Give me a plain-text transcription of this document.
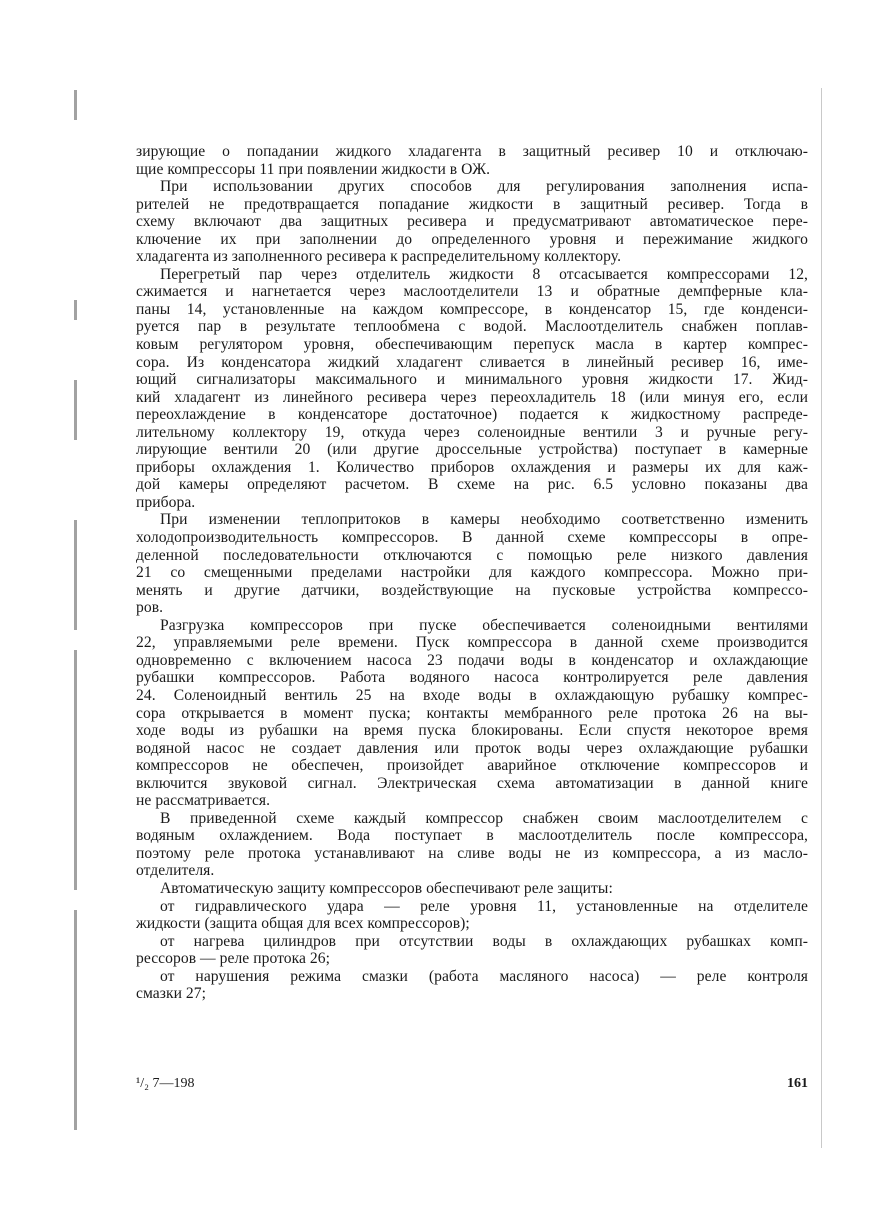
зирующие о попадании жидкого хладагента в защитный ресивер 10 и отключаю-
щие компрессоры 11 при появлении жидкости в ОЖ.
При использовании других способов для регулирования заполнения испа-
рителей не предотвращается попадание жидкости в защитный ресивер. Тогда в
схему включают два защитных ресивера и предусматривают автоматическое пере-
ключение их при заполнении до определенного уровня и пережимание жидкого
хладагента из заполненного ресивера к распределительному коллектору.
Перегретый пар через отделитель жидкости 8 отсасывается компрессорами 12,
сжимается и нагнетается через маслоотделители 13 и обратные демпферные кла-
паны 14, установленные на каждом компрессоре, в конденсатор 15, где конденси-
руется пар в результате теплообмена с водой. Маслоотделитель снабжен поплав-
ковым регулятором уровня, обеспечивающим перепуск масла в картер компрес-
сора. Из конденсатора жидкий хладагент сливается в линейный ресивер 16, име-
ющий сигнализаторы максимального и минимального уровня жидкости 17. Жид-
кий хладагент из линейного ресивера через переохладитель 18 (или минуя его, если
переохлаждение в конденсаторе достаточное) подается к жидкостному распреде-
лительному коллектору 19, откуда через соленоидные вентили 3 и ручные регу-
лирующие вентили 20 (или другие дроссельные устройства) поступает в камерные
приборы охлаждения 1. Количество приборов охлаждения и размеры их для каж-
дой камеры определяют расчетом. В схеме на рис. 6.5 условно показаны два
прибора.
При изменении теплопритоков в камеры необходимо соответственно изменить
холодопроизводительность компрессоров. В данной схеме компрессоры в опре-
деленной последовательности отключаются с помощью реле низкого давления
21 со смещенными пределами настройки для каждого компрессора. Можно при-
менять и другие датчики, воздействующие на пусковые устройства компрессо-
ров.
Разгрузка компрессоров при пуске обеспечивается соленоидными вентилями
22, управляемыми реле времени. Пуск компрессора в данной схеме производится
одновременно с включением насоса 23 подачи воды в конденсатор и охлаждающие
рубашки компрессоров. Работа водяного насоса контролируется реле давления
24. Соленоидный вентиль 25 на входе воды в охлаждающую рубашку компрес-
сора открывается в момент пуска; контакты мембранного реле протока 26 на вы-
ходе воды из рубашки на время пуска блокированы. Если спустя некоторое время
водяной насос не создает давления или проток воды через охлаждающие рубашки
компрессоров не обеспечен, произойдет аварийное отключение компрессоров и
включится звуковой сигнал. Электрическая схема автоматизации в данной книге
не рассматривается.
В приведенной схеме каждый компрессор снабжен своим маслоотделителем с
водяным охлаждением. Вода поступает в маслоотделитель после компрессора,
поэтому реле протока устанавливают на сливе воды не из компрессора, а из масло-
отделителя.
Автоматическую защиту компрессоров обеспечивают реле защиты:
от гидравлического удара — реле уровня 11, установленные на отделителе
жидкости (защита общая для всех компрессоров);
от нагрева цилиндров при отсутствии воды в охлаждающих рубашках комп-
рессоров — реле протока 26;
от нарушения режима смазки (работа масляного насоса) — реле контроля
смазки 27;
¹/₂ 7—198	161
